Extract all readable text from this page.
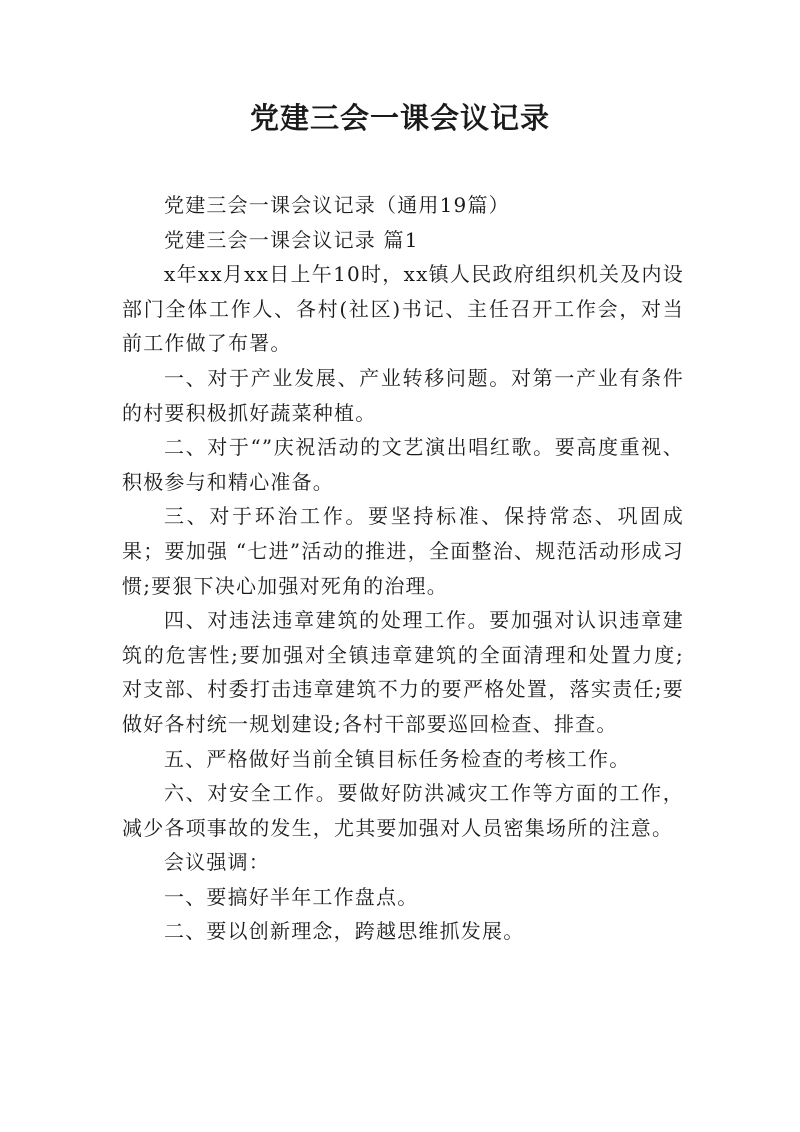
党建三会一课会议记录

党建三会一课会议记录（通用19篇）

党建三会一课会议记录 篇1

x年xx月xx日上午10时，xx镇人民政府组织机关及内设部门全体工作人、各村(社区)书记、主任召开工作会，对当前工作做了布署。

一、对于产业发展、产业转移问题。对第一产业有条件的村要积极抓好蔬菜种植。

二、对于“”庆祝活动的文艺演出唱红歌。要高度重视、积极参与和精心准备。

三、对于环治工作。要坚持标准、保持常态、巩固成果；要加强 “七进”活动的推进，全面整治、规范活动形成习惯;要狠下决心加强对死角的治理。

四、对违法违章建筑的处理工作。要加强对认识违章建筑的危害性;要加强对全镇违章建筑的全面清理和处置力度;对支部、村委打击违章建筑不力的要严格处置，落实责任;要做好各村统一规划建设;各村干部要巡回检查、排查。

五、严格做好当前全镇目标任务检查的考核工作。

六、对安全工作。要做好防洪减灾工作等方面的工作，减少各项事故的发生，尤其要加强对人员密集场所的注意。

会议强调：

一、要搞好半年工作盘点。

二、要以创新理念，跨越思维抓发展。
